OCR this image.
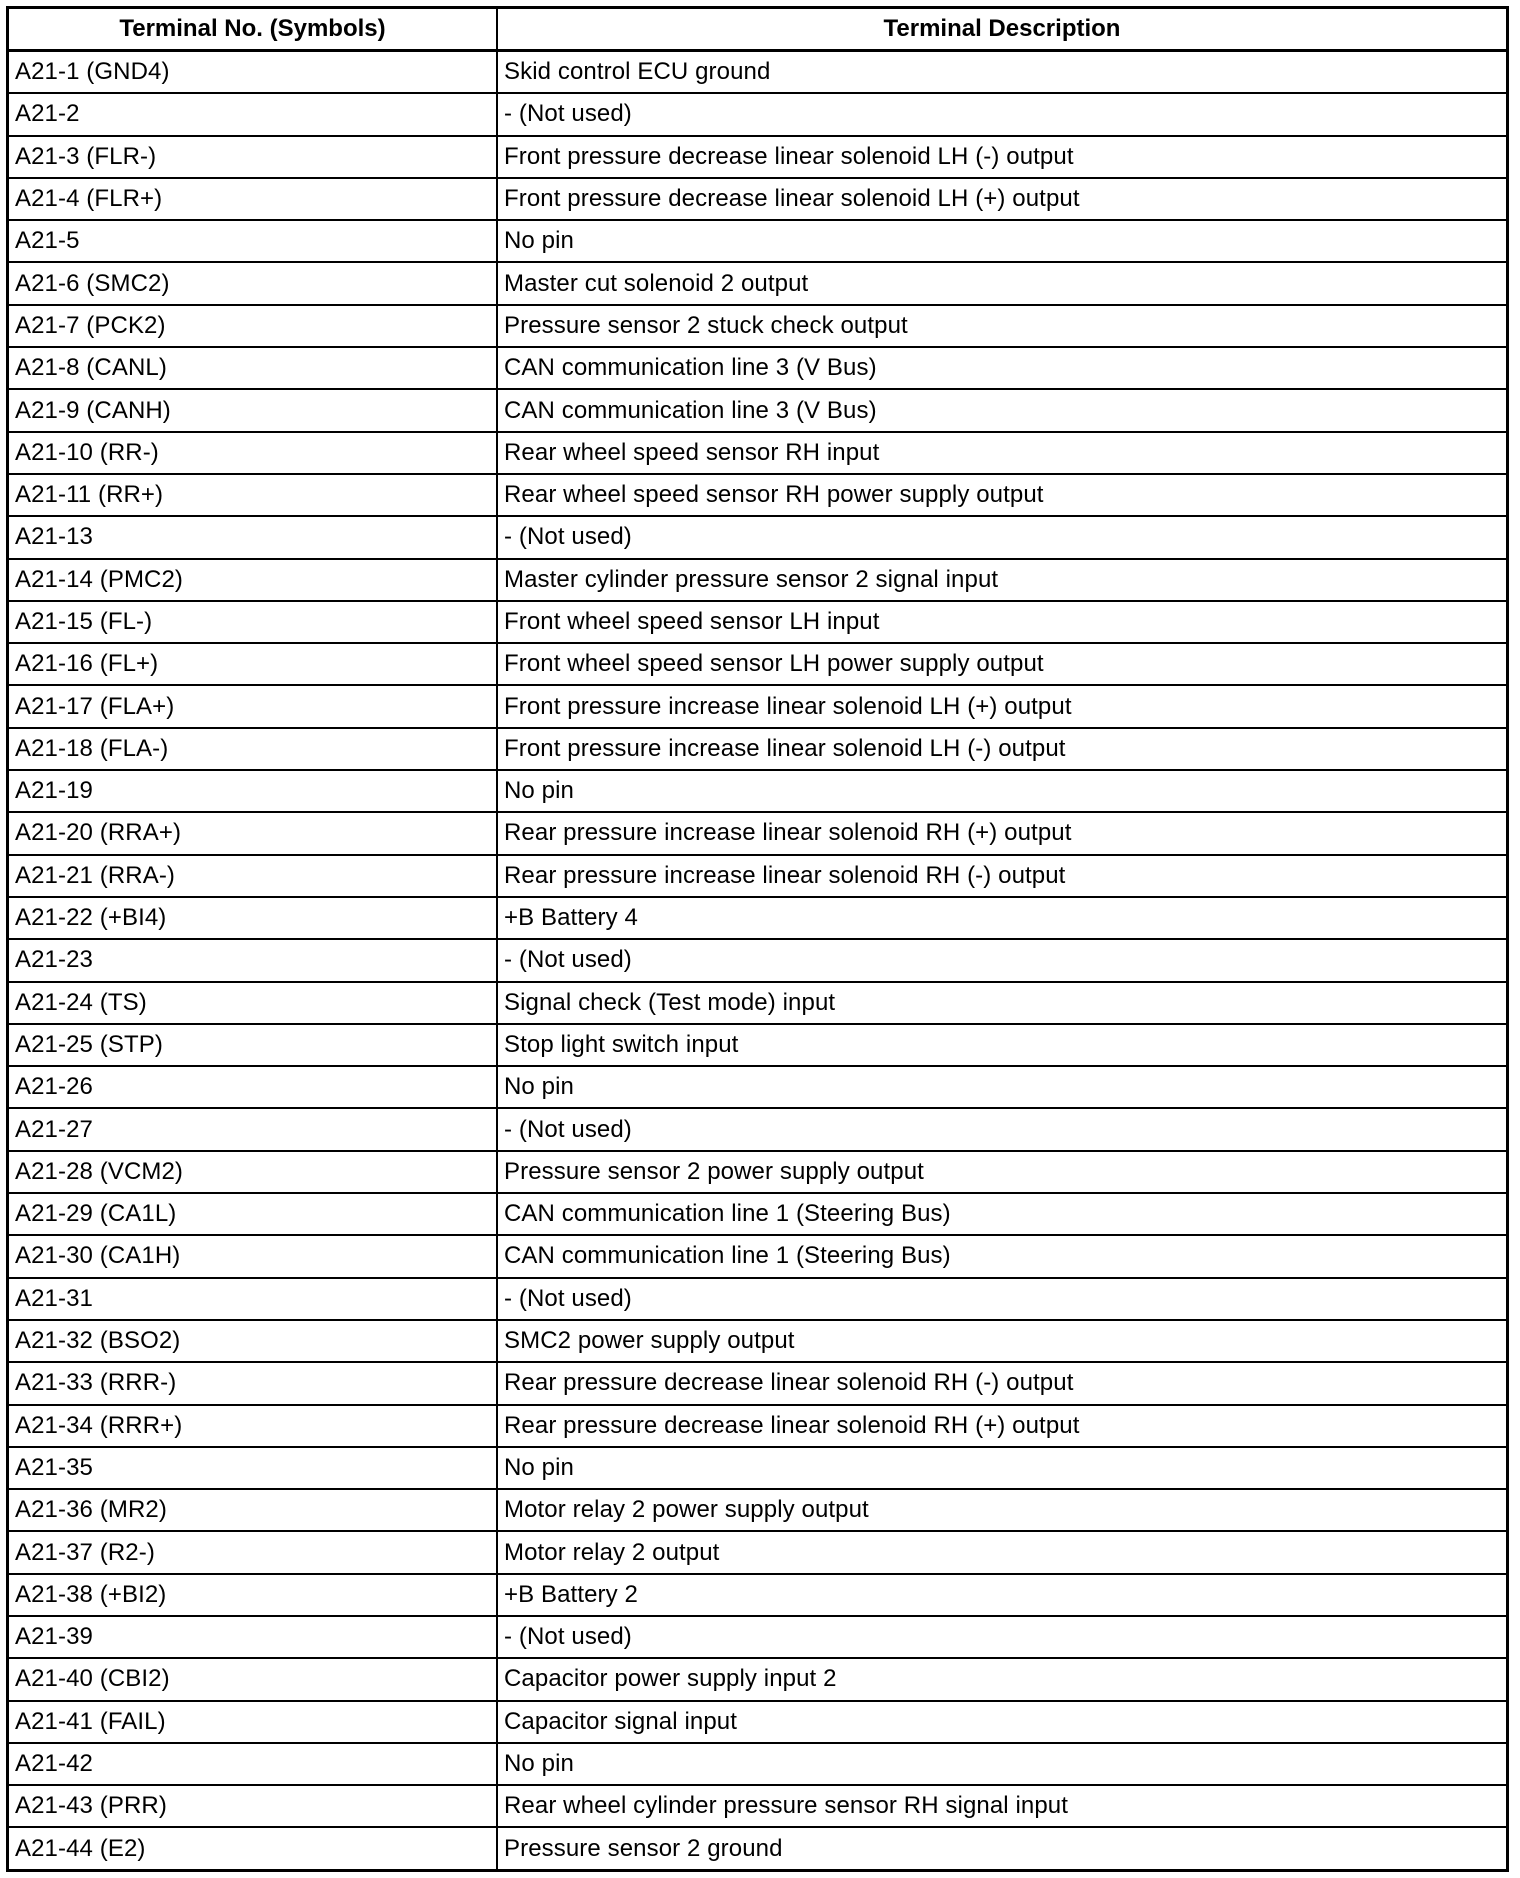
Terminal No. (Symbols)	Terminal Description
A21-1 (GND4)	Skid control ECU ground
A21-2	- (Not used)
A21-3 (FLR-)	Front pressure decrease linear solenoid LH (-) output
A21-4 (FLR+)	Front pressure decrease linear solenoid LH (+) output
A21-5	No pin
A21-6 (SMC2)	Master cut solenoid 2 output
A21-7 (PCK2)	Pressure sensor 2 stuck check output
A21-8 (CANL)	CAN communication line 3 (V Bus)
A21-9 (CANH)	CAN communication line 3 (V Bus)
A21-10 (RR-)	Rear wheel speed sensor RH input
A21-11 (RR+)	Rear wheel speed sensor RH power supply output
A21-13	- (Not used)
A21-14 (PMC2)	Master cylinder pressure sensor 2 signal input
A21-15 (FL-)	Front wheel speed sensor LH input
A21-16 (FL+)	Front wheel speed sensor LH power supply output
A21-17 (FLA+)	Front pressure increase linear solenoid LH (+) output
A21-18 (FLA-)	Front pressure increase linear solenoid LH (-) output
A21-19	No pin
A21-20 (RRA+)	Rear pressure increase linear solenoid RH (+) output
A21-21 (RRA-)	Rear pressure increase linear solenoid RH (-) output
A21-22 (+BI4)	+B Battery 4
A21-23	- (Not used)
A21-24 (TS)	Signal check (Test mode) input
A21-25 (STP)	Stop light switch input
A21-26	No pin
A21-27	- (Not used)
A21-28 (VCM2)	Pressure sensor 2 power supply output
A21-29 (CA1L)	CAN communication line 1 (Steering Bus)
A21-30 (CA1H)	CAN communication line 1 (Steering Bus)
A21-31	- (Not used)
A21-32 (BSO2)	SMC2 power supply output
A21-33 (RRR-)	Rear pressure decrease linear solenoid RH (-) output
A21-34 (RRR+)	Rear pressure decrease linear solenoid RH (+) output
A21-35	No pin
A21-36 (MR2)	Motor relay 2 power supply output
A21-37 (R2-)	Motor relay 2 output
A21-38 (+BI2)	+B Battery 2
A21-39	- (Not used)
A21-40 (CBI2)	Capacitor power supply input 2
A21-41 (FAIL)	Capacitor signal input
A21-42	No pin
A21-43 (PRR)	Rear wheel cylinder pressure sensor RH signal input
A21-44 (E2)	Pressure sensor 2 ground
